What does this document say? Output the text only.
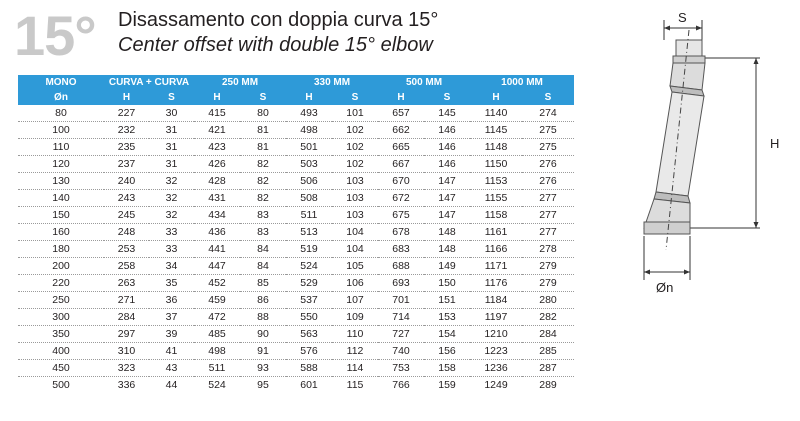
15° Disassamento con doppia curva 15°
Center offset with double 15° elbow
MONO	CURVA + CURVA		250 MM		330 MM		500 MM		1000 MM	
Øn	H	S	H	S	H	S	H	S	H	S
80	227	30	415	80	493	101	657	145	1140	274
100	232	31	421	81	498	102	662	146	1145	275
110	235	31	423	81	501	102	665	146	1148	275
120	237	31	426	82	503	102	667	146	1150	276
130	240	32	428	82	506	103	670	147	1153	276
140	243	32	431	82	508	103	672	147	1155	277
150	245	32	434	83	511	103	675	147	1158	277
160	248	33	436	83	513	104	678	148	1161	277
180	253	33	441	84	519	104	683	148	1166	278
200	258	34	447	84	524	105	688	149	1171	279
220	263	35	452	85	529	106	693	150	1176	279
250	271	36	459	86	537	107	701	151	1184	280
300	284	37	472	88	550	109	714	153	1197	282
350	297	39	485	90	563	110	727	154	1210	284
400	310	41	498	91	576	112	740	156	1223	285
450	323	43	511	93	588	114	753	158	1236	287
500	336	44	524	95	601	115	766	159	1249	289
S
H
Øn
